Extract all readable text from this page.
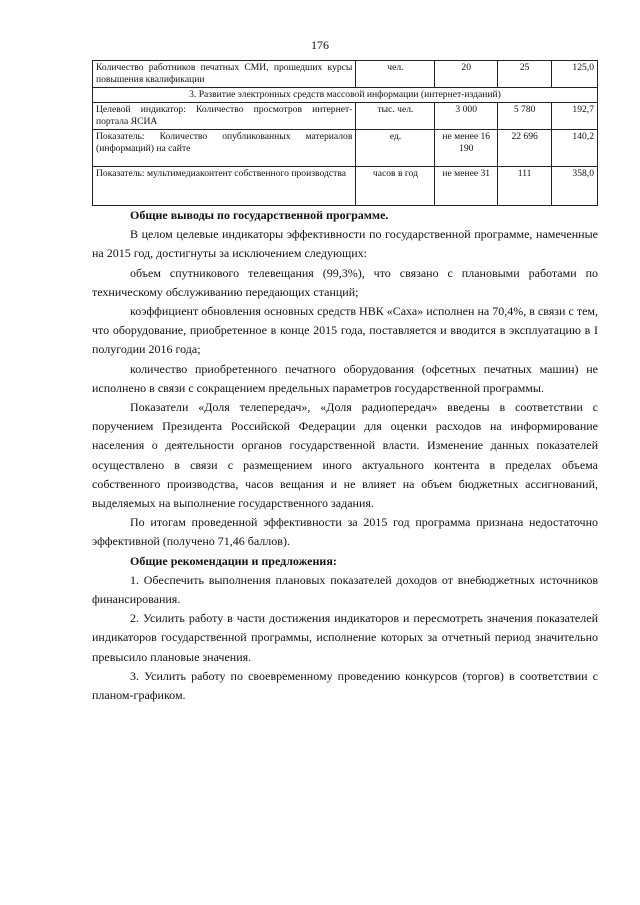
176
Количество работников печатных СМИ, прошедших курсы повышения квалификации	чел.	20	25	125,0
3. Развитие электронных средств массовой информации (интернет-изданий)				
Целевой индикатор: Количество просмотров интернет-портала ЯСИА	тыс. чел.	3 000	5 780	192,7
Показатель: Количество опубликованных материалов (информаций) на сайте	ед.	не менее 16 190	22 696	140,2
Показатель: мультимедиаконтент собственного производства	часов в год	не менее 31	111	358,0

Общие выводы по государственной программе.

В целом целевые индикаторы эффективности по государственной программе, намеченные на 2015 год, достигнуты за исключением следующих:

объем спутникового телевещания (99,3%), что связано с плановыми работами по техническому обслуживанию передающих станций;

коэффициент обновления основных средств НВК «Саха» исполнен на 70,4%, в связи с тем, что оборудование, приобретенное в конце 2015 года, поставляется и вводится в эксплуатацию в I полугодии 2016 года;

количество приобретенного печатного оборудования (офсетных печатных машин) не исполнено в связи с сокращением предельных параметров государственной программы.

Показатели «Доля телепередач», «Доля радиопередач» введены в соответствии с поручением Президента Российской Федерации для оценки расходов на информирование населения о деятельности органов государственной власти. Изменение данных показателей осуществлено в связи с размещением иного актуального контента в пределах объема собственного производства, часов вещания и не влияет на объем бюджетных ассигнований, выделяемых на выполнение государственного задания.

По итогам проведенной эффективности за 2015 год программа признана недостаточно эффективной (получено 71,46 баллов).

Общие рекомендации и предложения:

1. Обеспечить выполнения плановых показателей доходов от внебюджетных источников финансирования.

2. Усилить работу в части достижения индикаторов и пересмотреть значения показателей индикаторов государственной программы, исполнение которых за отчетный период значительно превысило плановые значения.

3. Усилить работу по своевременному проведению конкурсов (торгов) в соответствии с планом-графиком.
